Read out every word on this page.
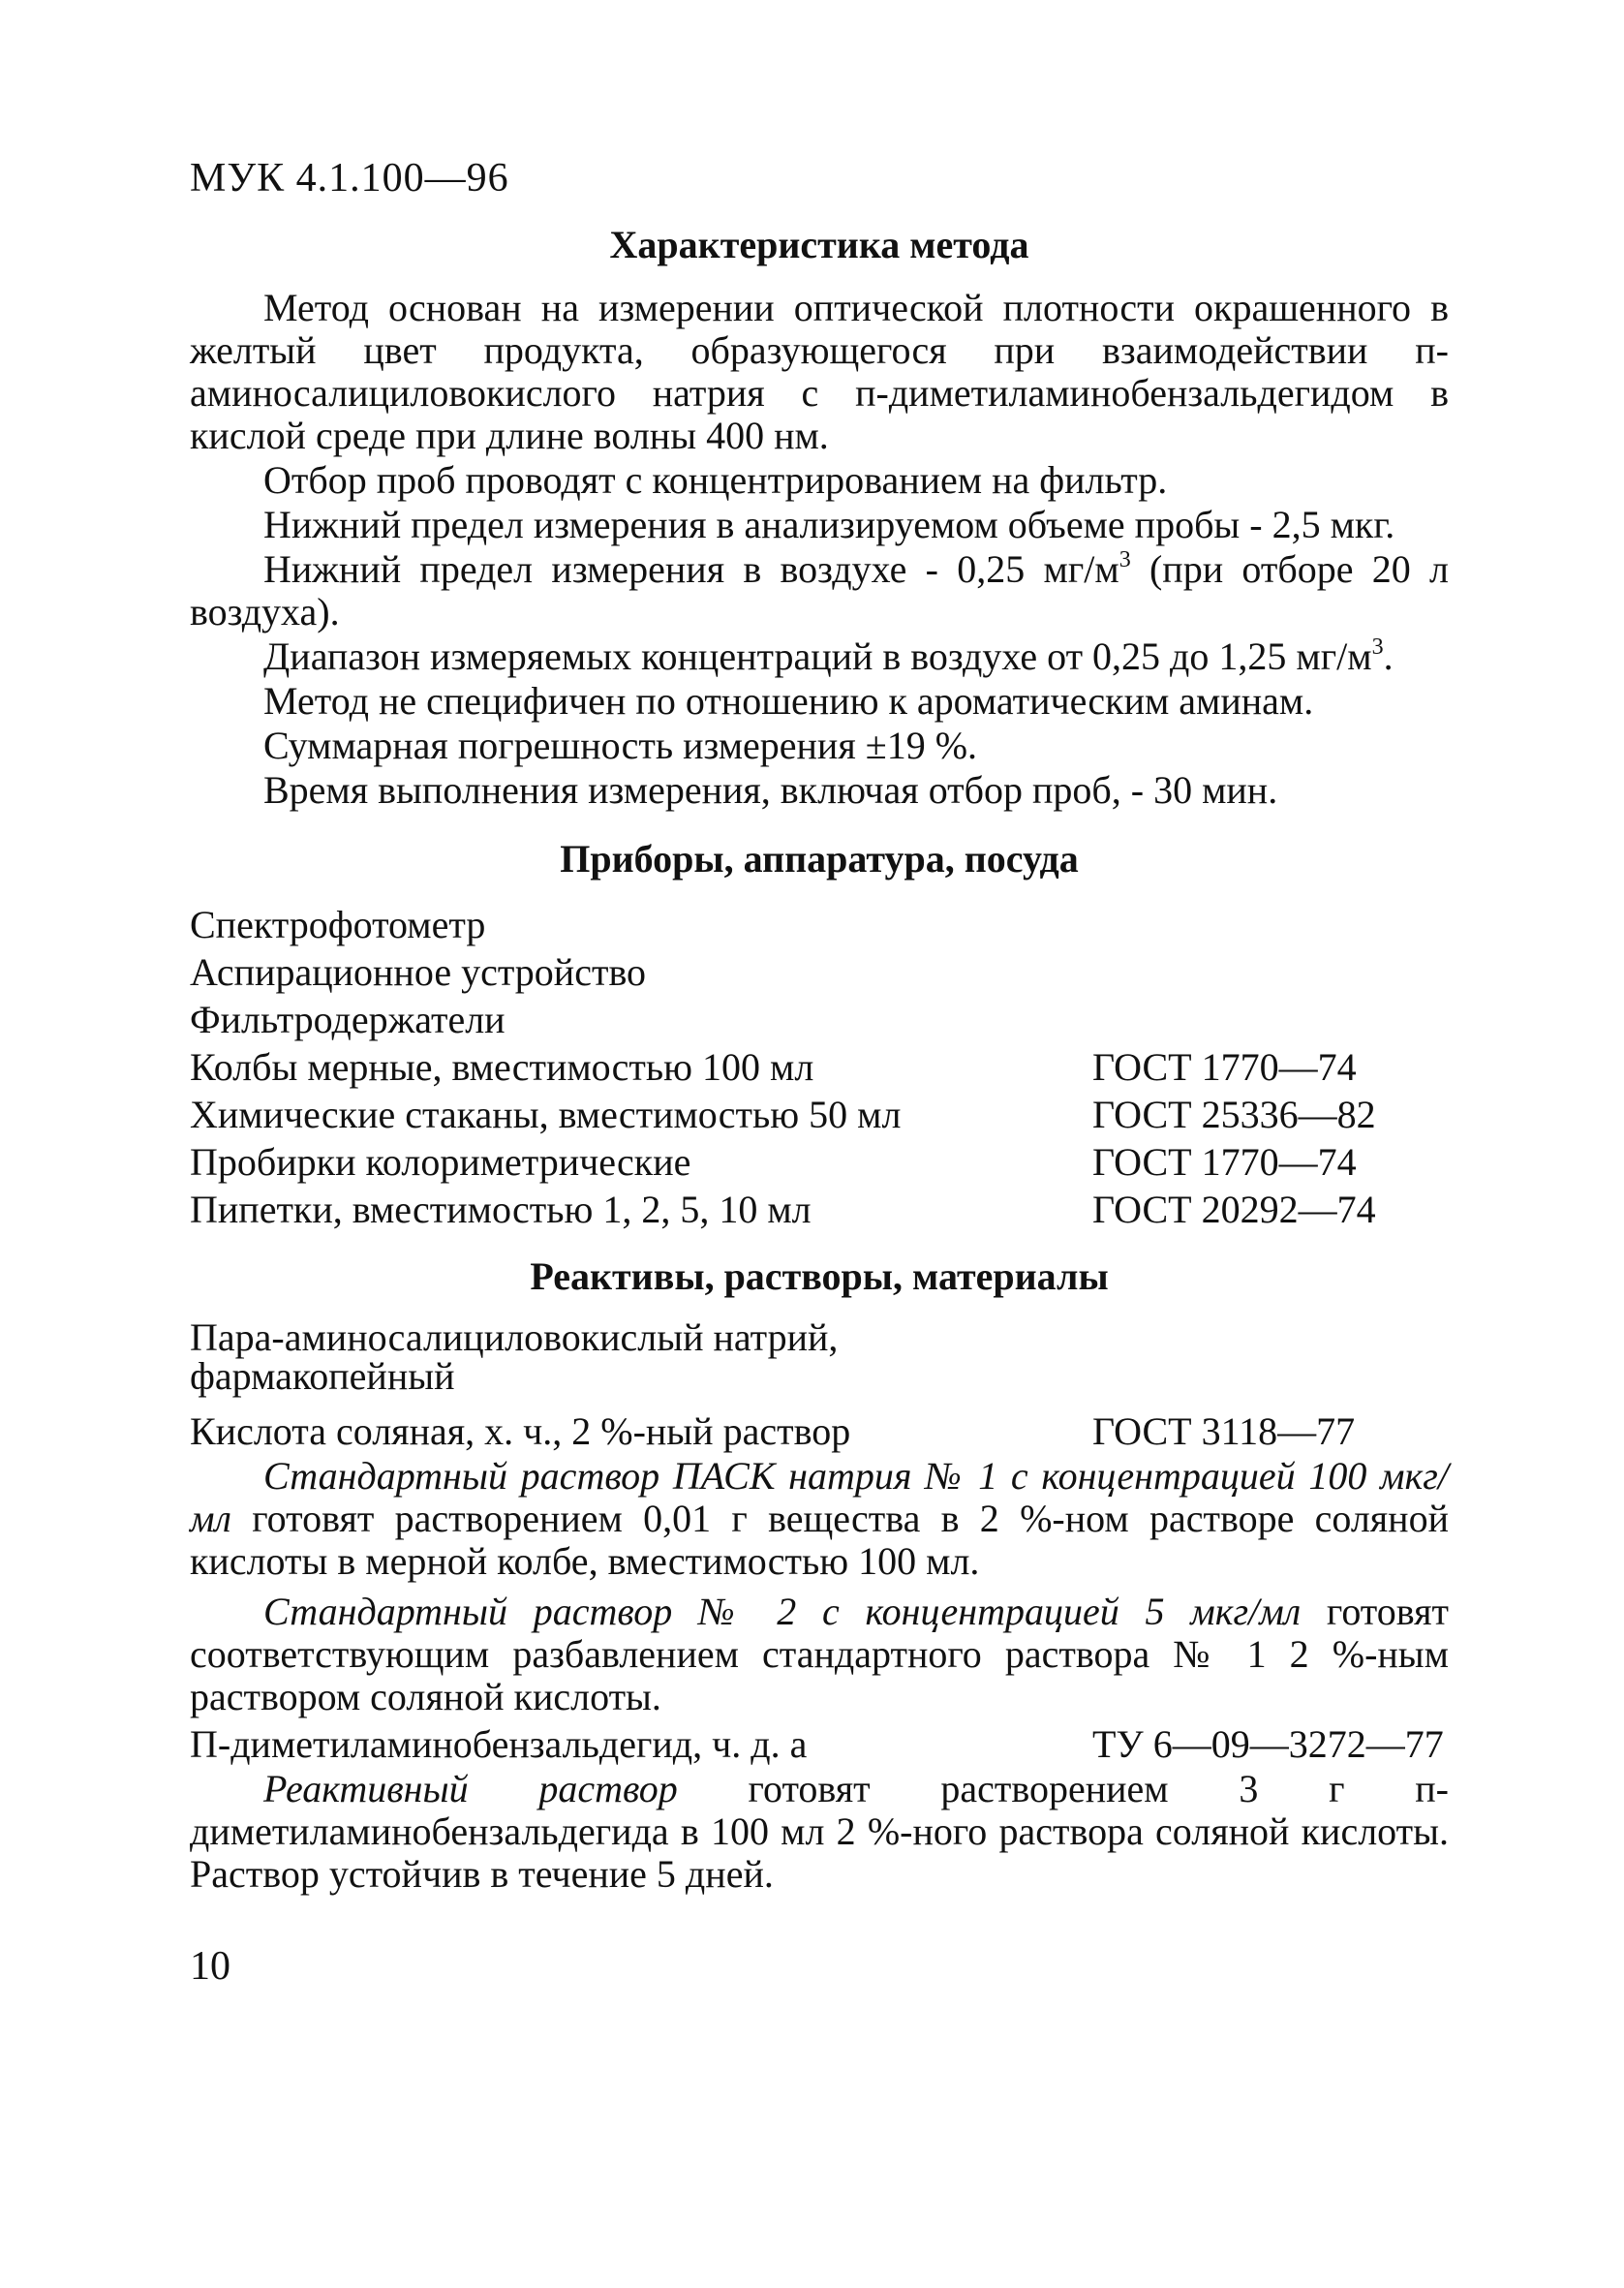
МУК 4.1.100—96
Характеристика метода

Метод основан на измерении оптической плотности окрашенного в желтый цвет продукта, образующегося при взаимодействии п-аминосалициловокислого натрия с п-диметиламинобензальдегидом в кислой среде при длине волны 400 нм.

Отбор проб проводят с концентрированием на фильтр.

Нижний предел измерения в анализируемом объеме пробы - 2,5 мкг.

Нижний предел измерения в воздухе - 0,25 $мг/м^3$ (при отборе 20 л воздуха).

Диапазон измеряемых концентраций в воздухе от 0,25 до 1,25 $мг/м^3$.

Метод не специфичен по отношению к ароматическим аминам.

Суммарная погрешность измерения ±19 %.

Время выполнения измерения, включая отбор проб, - 30 мин.

Приборы, аппаратура, посуда
Спектрофотометр
Аспирационное устройство
Фильтродержатели
Колбы мерные, вместимостью 100 мл	ГОСТ 1770—74
Химические стаканы, вместимостью 50 мл	ГОСТ 25336—82
Пробирки колориметрические	ГОСТ 1770—74
Пипетки, вместимостью 1, 2, 5, 10 мл	ГОСТ 20292—74
Реактивы, растворы, материалы
Пара-аминосалициловокислый натрий, фармакопейный
Кислота соляная, х. ч., 2 %-ный раствор	ГОСТ 3118—77

Стандартный раствор ПАСК натрия № 1 с концентрацией 100 мкг/мл готовят растворением 0,01 г вещества в 2 %-ном растворе соляной кислоты в мерной колбе, вместимостью 100 мл.

Стандартный раствор № 2 с концентрацией 5 мкг/мл готовят соответствующим разбавлением стандартного раствора № 1 2 %-ным раствором соляной кислоты.

П-диметиламинобензальдегид, ч. д. а	ТУ 6—09—3272—77

Реактивный раствор готовят растворением 3 г п-диметиламинобензальдегида в 100 мл 2 %-ного раствора соляной кислоты. Раствор устойчив в течение 5 дней.

10
